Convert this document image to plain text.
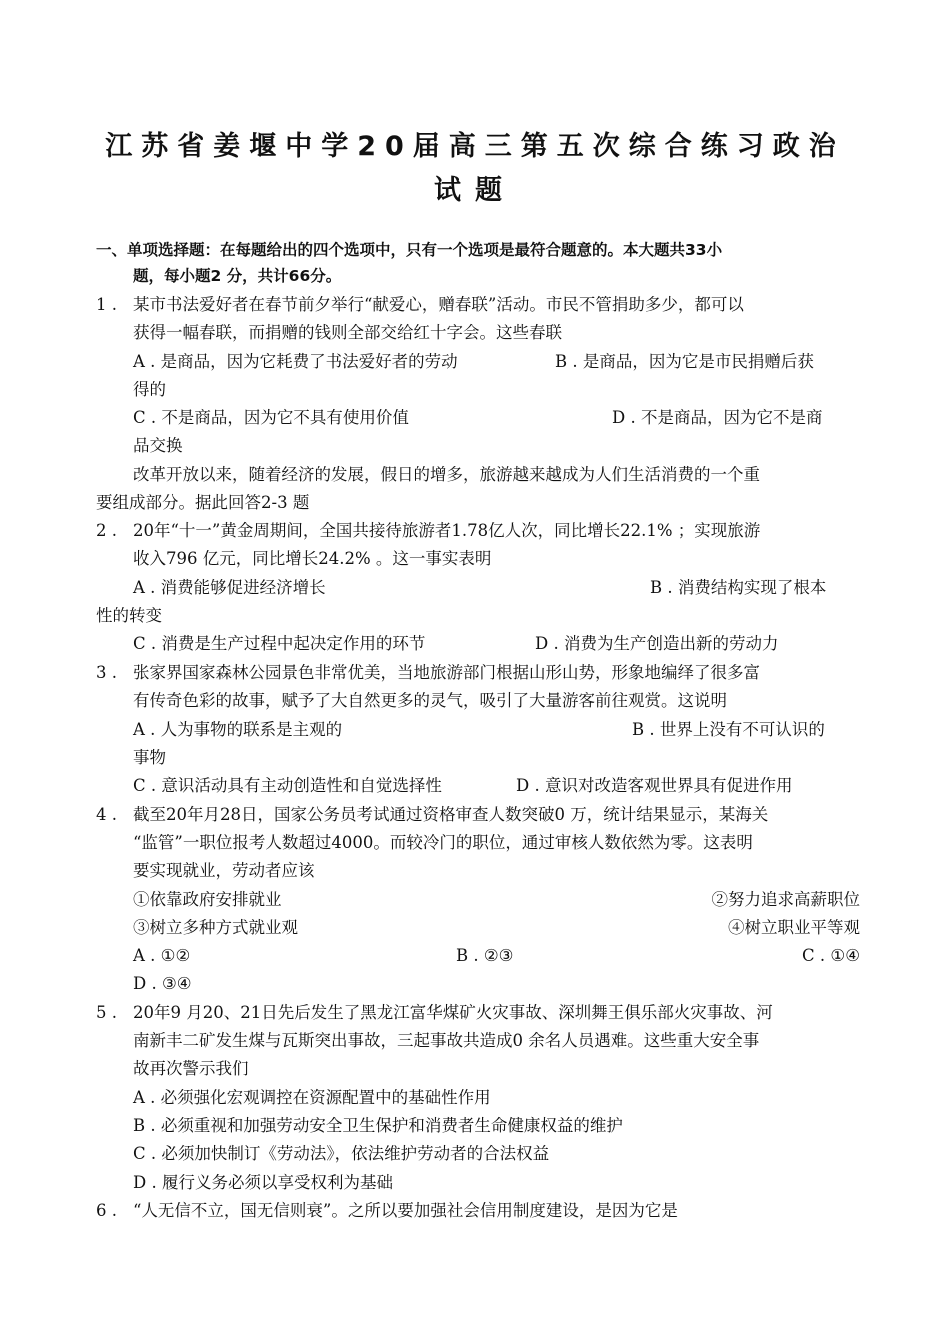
江苏省姜堰中学20届高三第五次综合练习政治
试题
一、单项选择题：在每题给出的四个选项中，只有一个选项是最符合题意的。本大题共33小
题，每小题2 分，共计66分。
1 . 某市书法爱好者在春节前夕举行“献爱心，赠春联”活动。市民不管捐助多少，都可以
获得一幅春联，而捐赠的钱则全部交给红十字会。这些春联
A . 是商品，因为它耗费了书法爱好者的劳动	B . 是商品，因为它是市民捐赠后获
得的
C . 不是商品，因为它不具有使用价值	D . 不是商品，因为它不是商
品交换
改革开放以来，随着经济的发展，假日的增多，旅游越来越成为人们生活消费的一个重
要组成部分。据此回答2-3 题
2 . 20年“十一”黄金周期间，全国共接待旅游者1.78亿人次，同比增长22.1% ；实现旅游
收入796 亿元，同比增长24.2% 。这一事实表明
A . 消费能够促进经济增长	B . 消费结构实现了根本
性的转变
C . 消费是生产过程中起决定作用的环节	D . 消费为生产创造出新的劳动力
3 . 张家界国家森林公园景色非常优美，当地旅游部门根据山形山势，形象地编绎了很多富
有传奇色彩的故事，赋予了大自然更多的灵气，吸引了大量游客前往观赏。这说明
A . 人为事物的联系是主观的	B . 世界上没有不可认识的
事物
C . 意识活动具有主动创造性和自觉选择性	D . 意识对改造客观世界具有促进作用
4 . 截至20年月28日，国家公务员考试通过资格审查人数突破0 万，统计结果显示，某海关
“监管”一职位报考人数超过4000。而较冷门的职位，通过审核人数依然为零。这表明
要实现就业，劳动者应该
①依靠政府安排就业	②努力追求高薪职位
③树立多种方式就业观	④树立职业平等观
A . ①②	B . ②③	C . ①④
D . ③④
5 . 20年9 月20、21日先后发生了黑龙江富华煤矿火灾事故、深圳舞王俱乐部火灾事故、河
南新丰二矿发生煤与瓦斯突出事故，三起事故共造成0 余名人员遇难。这些重大安全事
故再次警示我们
A . 必须强化宏观调控在资源配置中的基础性作用
B . 必须重视和加强劳动安全卫生保护和消费者生命健康权益的维护
C . 必须加快制订《劳动法》，依法维护劳动者的合法权益
D . 履行义务必须以享受权利为基础
6 . “人无信不立，国无信则衰”。之所以要加强社会信用制度建设，是因为它是
